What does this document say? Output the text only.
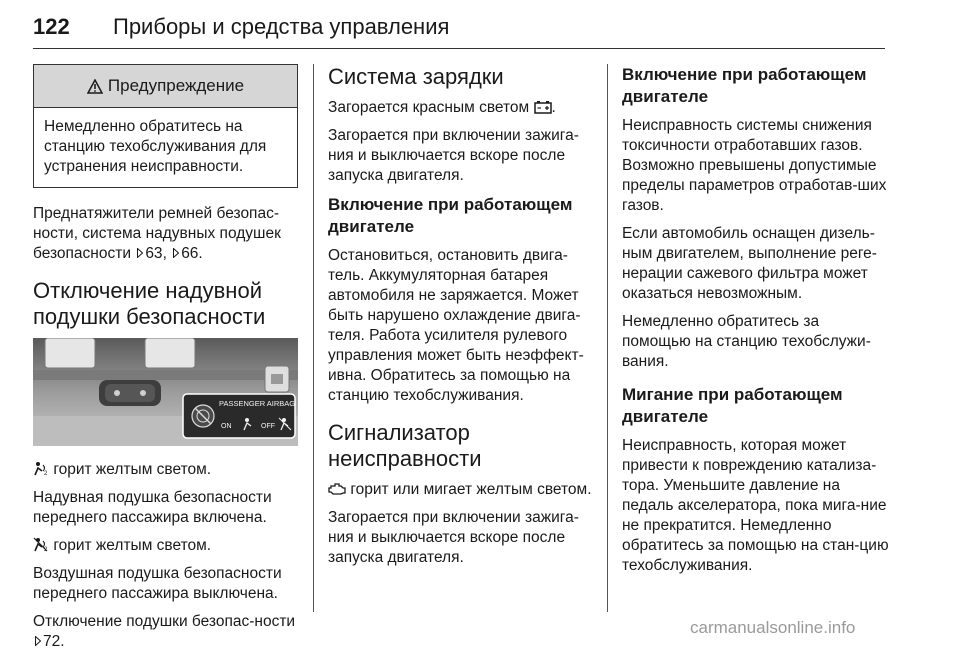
122 Приборы и средства управления
Предупреждение
Немедленно обратитесь на станцию техобслуживания для устранения неисправности.

Преднатяжители ремней безопас-ности, система надувных подушек безопасности 63, 66.

Отключение надувной подушки безопасности
PASSENGER AIRBAG
ON	OFF

2 горит желтым светом.

Надувная подушка безопасности переднего пассажира включена.

2 горит желтым светом.

Воздушная подушка безопасности переднего пассажира выключена.

Отключение подушки безопас-ности 72.

Система зарядки

Загорается красным светом .

Загорается при включении зажига-ния и выключается вскоре после запуска двигателя.

Включение при работающем двигателе

Остановиться, остановить двига-тель. Аккумуляторная батарея автомобиля не заряжается. Может быть нарушено охлаждение двига-теля. Работа усилителя рулевого управления может быть неэффект-ивна. Обратитесь за помощью на станцию техобслуживания.

Сигнализатор неисправности

горит или мигает желтым светом.

Загорается при включении зажига-ния и выключается вскоре после запуска двигателя.

Включение при работающем двигателе

Неисправность системы снижения токсичности отработавших газов. Возможно превышены допустимые пределы параметров отработав-ших газов.

Если автомобиль оснащен дизель-ным двигателем, выполнение реге-нерации сажевого фильтра может оказаться невозможным.

Немедленно обратитесь за помощью на станцию техобслужи-вания.

Мигание при работающем двигателе

Неисправность, которая может привести к повреждению катализа-тора. Уменьшите давление на педаль акселератора, пока мига-ние не прекратится. Немедленно обратитесь за помощью на стан-цию техобслуживания.

carmanualsonline.info
